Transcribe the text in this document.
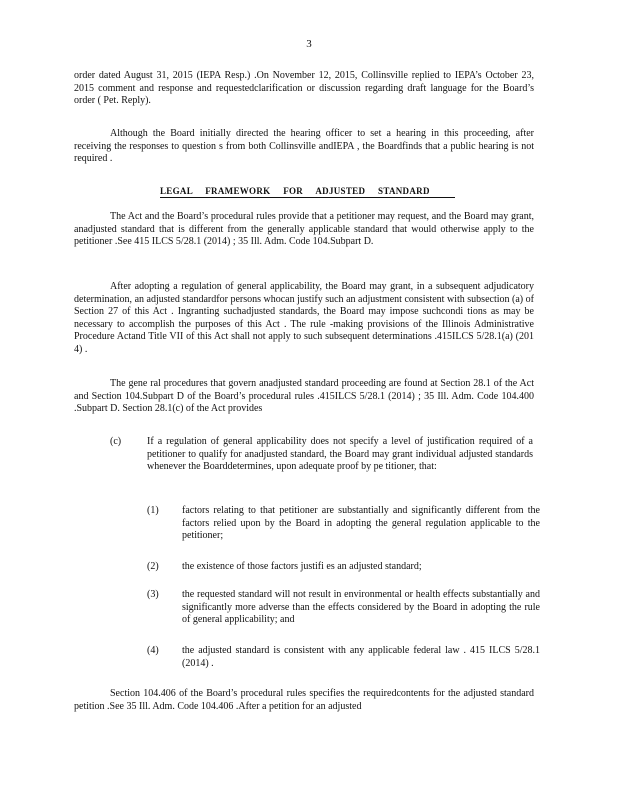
3

order dated August 31, 2015 (IEPA Resp.) .On November 12, 2015, Collinsville replied to IEPA’s October 23, 2015 comment and response and requestedclarification or discussion regarding draft language for the Board’s order ( Pet. Reply).

Although the Board initially directed the hearing officer to set a hearing in this proceeding, after receiving the responses to question s from both Collinsville andIEPA , the Boardfinds that a public hearing is not required .

LEGAL     FRAMEWORK     FOR     ADJUSTED     STANDARD

The Act and the Board’s procedural rules provide that a petitioner may request, and the Board may grant, anadjusted standard that is different from the generally applicable standard that would otherwise apply to the petitioner .See 415 ILCS 5/28.1 (2014) ; 35 Ill. Adm. Code 104.Subpart D.

After adopting a regulation of general applicability, the Board may grant, in a subsequent adjudicatory determination, an adjusted standardfor persons whocan justify such an adjustment consistent with subsection (a) of Section 27 of this Act . Ingranting suchadjusted standards, the Board may impose suchcondi tions as may be necessary to accomplish the purposes of this Act . The rule -making provisions of the Illinois Administrative Procedure Actand Title VII of this Act shall not apply to such subsequent determinations .415ILCS 5/28.1(a) (201 4) .

The gene ral procedures that govern anadjusted standard proceeding are found at Section 28.1 of the Act and Section 104.Subpart D of the Board’s procedural rules .415ILCS 5/28.1 (2014) ; 35 Ill. Adm. Code 104.400 .Subpart D. Section 28.1(c) of the Act provides

(c)	If a regulation of general applicability does not specify a level of justification required of a petitioner to qualify for anadjusted standard, the Board may grant individual adjusted standards whenever the Boarddetermines, upon adequate proof by pe titioner, that:

(1) factors relating to that petitioner are substantially and significantly different from the factors relied upon by the Board in adopting the general regulation applicable to the petitioner;

(2) the existence of those factors justifi es an adjusted standard;

(3) the requested standard will not result in environmental or health effects substantially and significantly more adverse than the effects considered by the Board in adopting the rule of general applicability; and

(4) the adjusted standard is consistent with any applicable federal law . 415 ILCS 5/28.1 (2014) .

Section 104.406 of the Board’s procedural rules specifies the requiredcontents for the adjusted standard petition .See 35 Ill. Adm. Code 104.406 .After a petition for an adjusted
